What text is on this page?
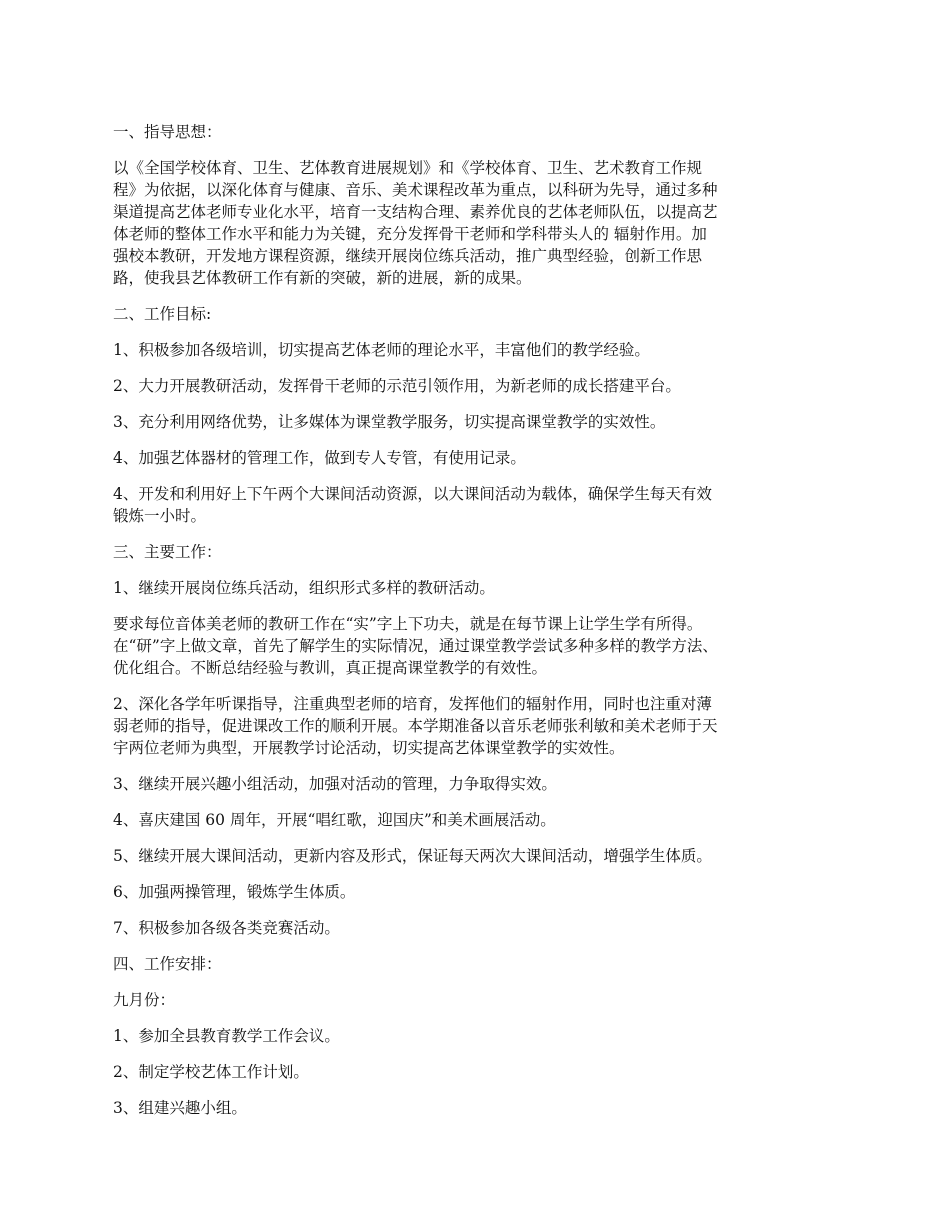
一、指导思想：

以《全国学校体育、卫生、艺体教育进展规划》和《学校体育、卫生、艺术教育工作规
程》为依据，以深化体育与健康、音乐、美术课程改革为重点，以科研为先导，通过多种
渠道提高艺体老师专业化水平，培育一支结构合理、素养优良的艺体老师队伍，以提高艺
体老师的整体工作水平和能力为关键，充分发挥骨干老师和学科带头人的 辐射作用。加
强校本教研，开发地方课程资源，继续开展岗位练兵活动，推广典型经验，创新工作思
路，使我县艺体教研工作有新的突破，新的进展，新的成果。

二、工作目标:

1、积极参加各级培训，切实提高艺体老师的理论水平，丰富他们的教学经验。

2、大力开展教研活动，发挥骨干老师的示范引领作用，为新老师的成长搭建平台。

3、充分利用网络优势，让多媒体为课堂教学服务，切实提高课堂教学的实效性。

4、加强艺体器材的管理工作，做到专人专管，有使用记录。

4、开发和利用好上下午两个大课间活动资源，以大课间活动为载体，确保学生每天有效
锻炼一小时。

三、主要工作：

1、继续开展岗位练兵活动，组织形式多样的教研活动。

要求每位音体美老师的教研工作在“实”字上下功夫，就是在每节课上让学生学有所得。
在“研”字上做文章，首先了解学生的实际情况，通过课堂教学尝试多种多样的教学方法、
优化组合。不断总结经验与教训，真正提高课堂教学的有效性。

2、深化各学年听课指导，注重典型老师的培育，发挥他们的辐射作用，同时也注重对薄
弱老师的指导，促进课改工作的顺利开展。本学期准备以音乐老师张利敏和美术老师于天
宇两位老师为典型，开展教学讨论活动，切实提高艺体课堂教学的实效性。

3、继续开展兴趣小组活动，加强对活动的管理，力争取得实效。

4、喜庆建国 60 周年，开展“唱红歌，迎国庆”和美术画展活动。

5、继续开展大课间活动，更新内容及形式，保证每天两次大课间活动，增强学生体质。

6、加强两操管理，锻炼学生体质。

7、积极参加各级各类竞赛活动。

四、工作安排：

九月份：

1、参加全县教育教学工作会议。

2、制定学校艺体工作计划。

3、组建兴趣小组。
